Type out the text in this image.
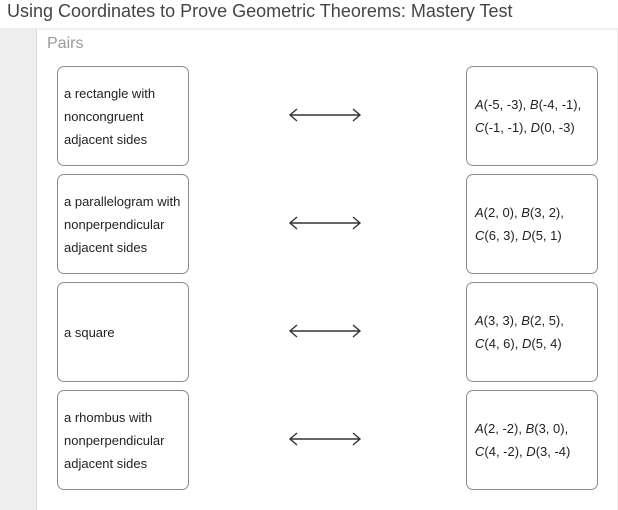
Using Coordinates to Prove Geometric Theorems: Mastery Test
Pairs
a rectangle with noncongruent adjacent sides
A(-5, -3), B(-4, -1),
C(-1, -1), D(0, -3)
a parallelogram with nonperpendicular adjacent sides
A(2, 0), B(3, 2),
C(6, 3), D(5, 1)
a square
A(3, 3), B(2, 5),
C(4, 6), D(5, 4)
a rhombus with nonperpendicular adjacent sides
A(2, -2), B(3, 0),
C(4, -2), D(3, -4)
